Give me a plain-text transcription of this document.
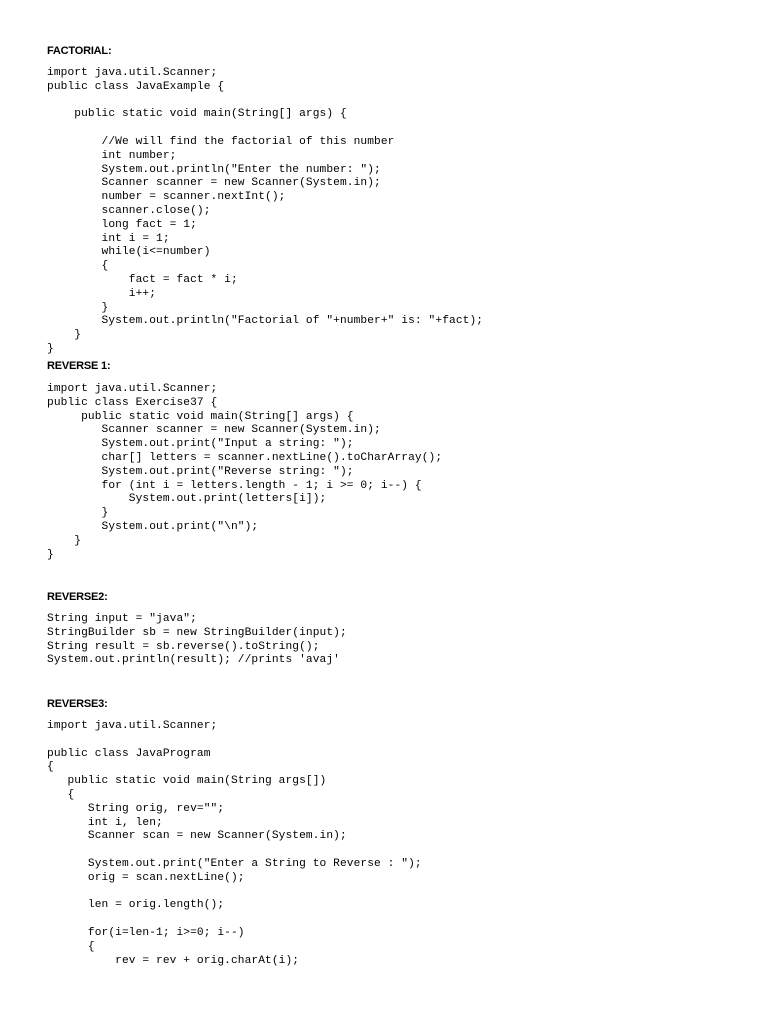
FACTORIAL:
import java.util.Scanner;
public class JavaExample {
public static void main(String[] args) {
//We will find the factorial of this number
int number;
System.out.println("Enter the number: ");
Scanner scanner = new Scanner(System.in);
number = scanner.nextInt();
scanner.close();
long fact = 1;
int i = 1;
while(i<=number)
{
fact = fact * i;
i++;
}
System.out.println("Factorial of "+number+" is: "+fact);
}
}
REVERSE 1:
import java.util.Scanner;
public class Exercise37 {
public static void main(String[] args) {
Scanner scanner = new Scanner(System.in);
System.out.print("Input a string: ");
char[] letters = scanner.nextLine().toCharArray();
System.out.print("Reverse string: ");
for (int i = letters.length - 1; i >= 0; i--) {
System.out.print(letters[i]);
}
System.out.print("\n");
}
}
REVERSE2:
String input = "java";
StringBuilder sb = new StringBuilder(input);
String result = sb.reverse().toString();
System.out.println(result); //prints 'avaj'
REVERSE3:
import java.util.Scanner;
public class JavaProgram
{
public static void main(String args[])
{
String orig, rev="";
int i, len;
Scanner scan = new Scanner(System.in);
System.out.print("Enter a String to Reverse : ");
orig = scan.nextLine();
len = orig.length();
for(i=len-1; i>=0; i--)
{
rev = rev + orig.charAt(i);
